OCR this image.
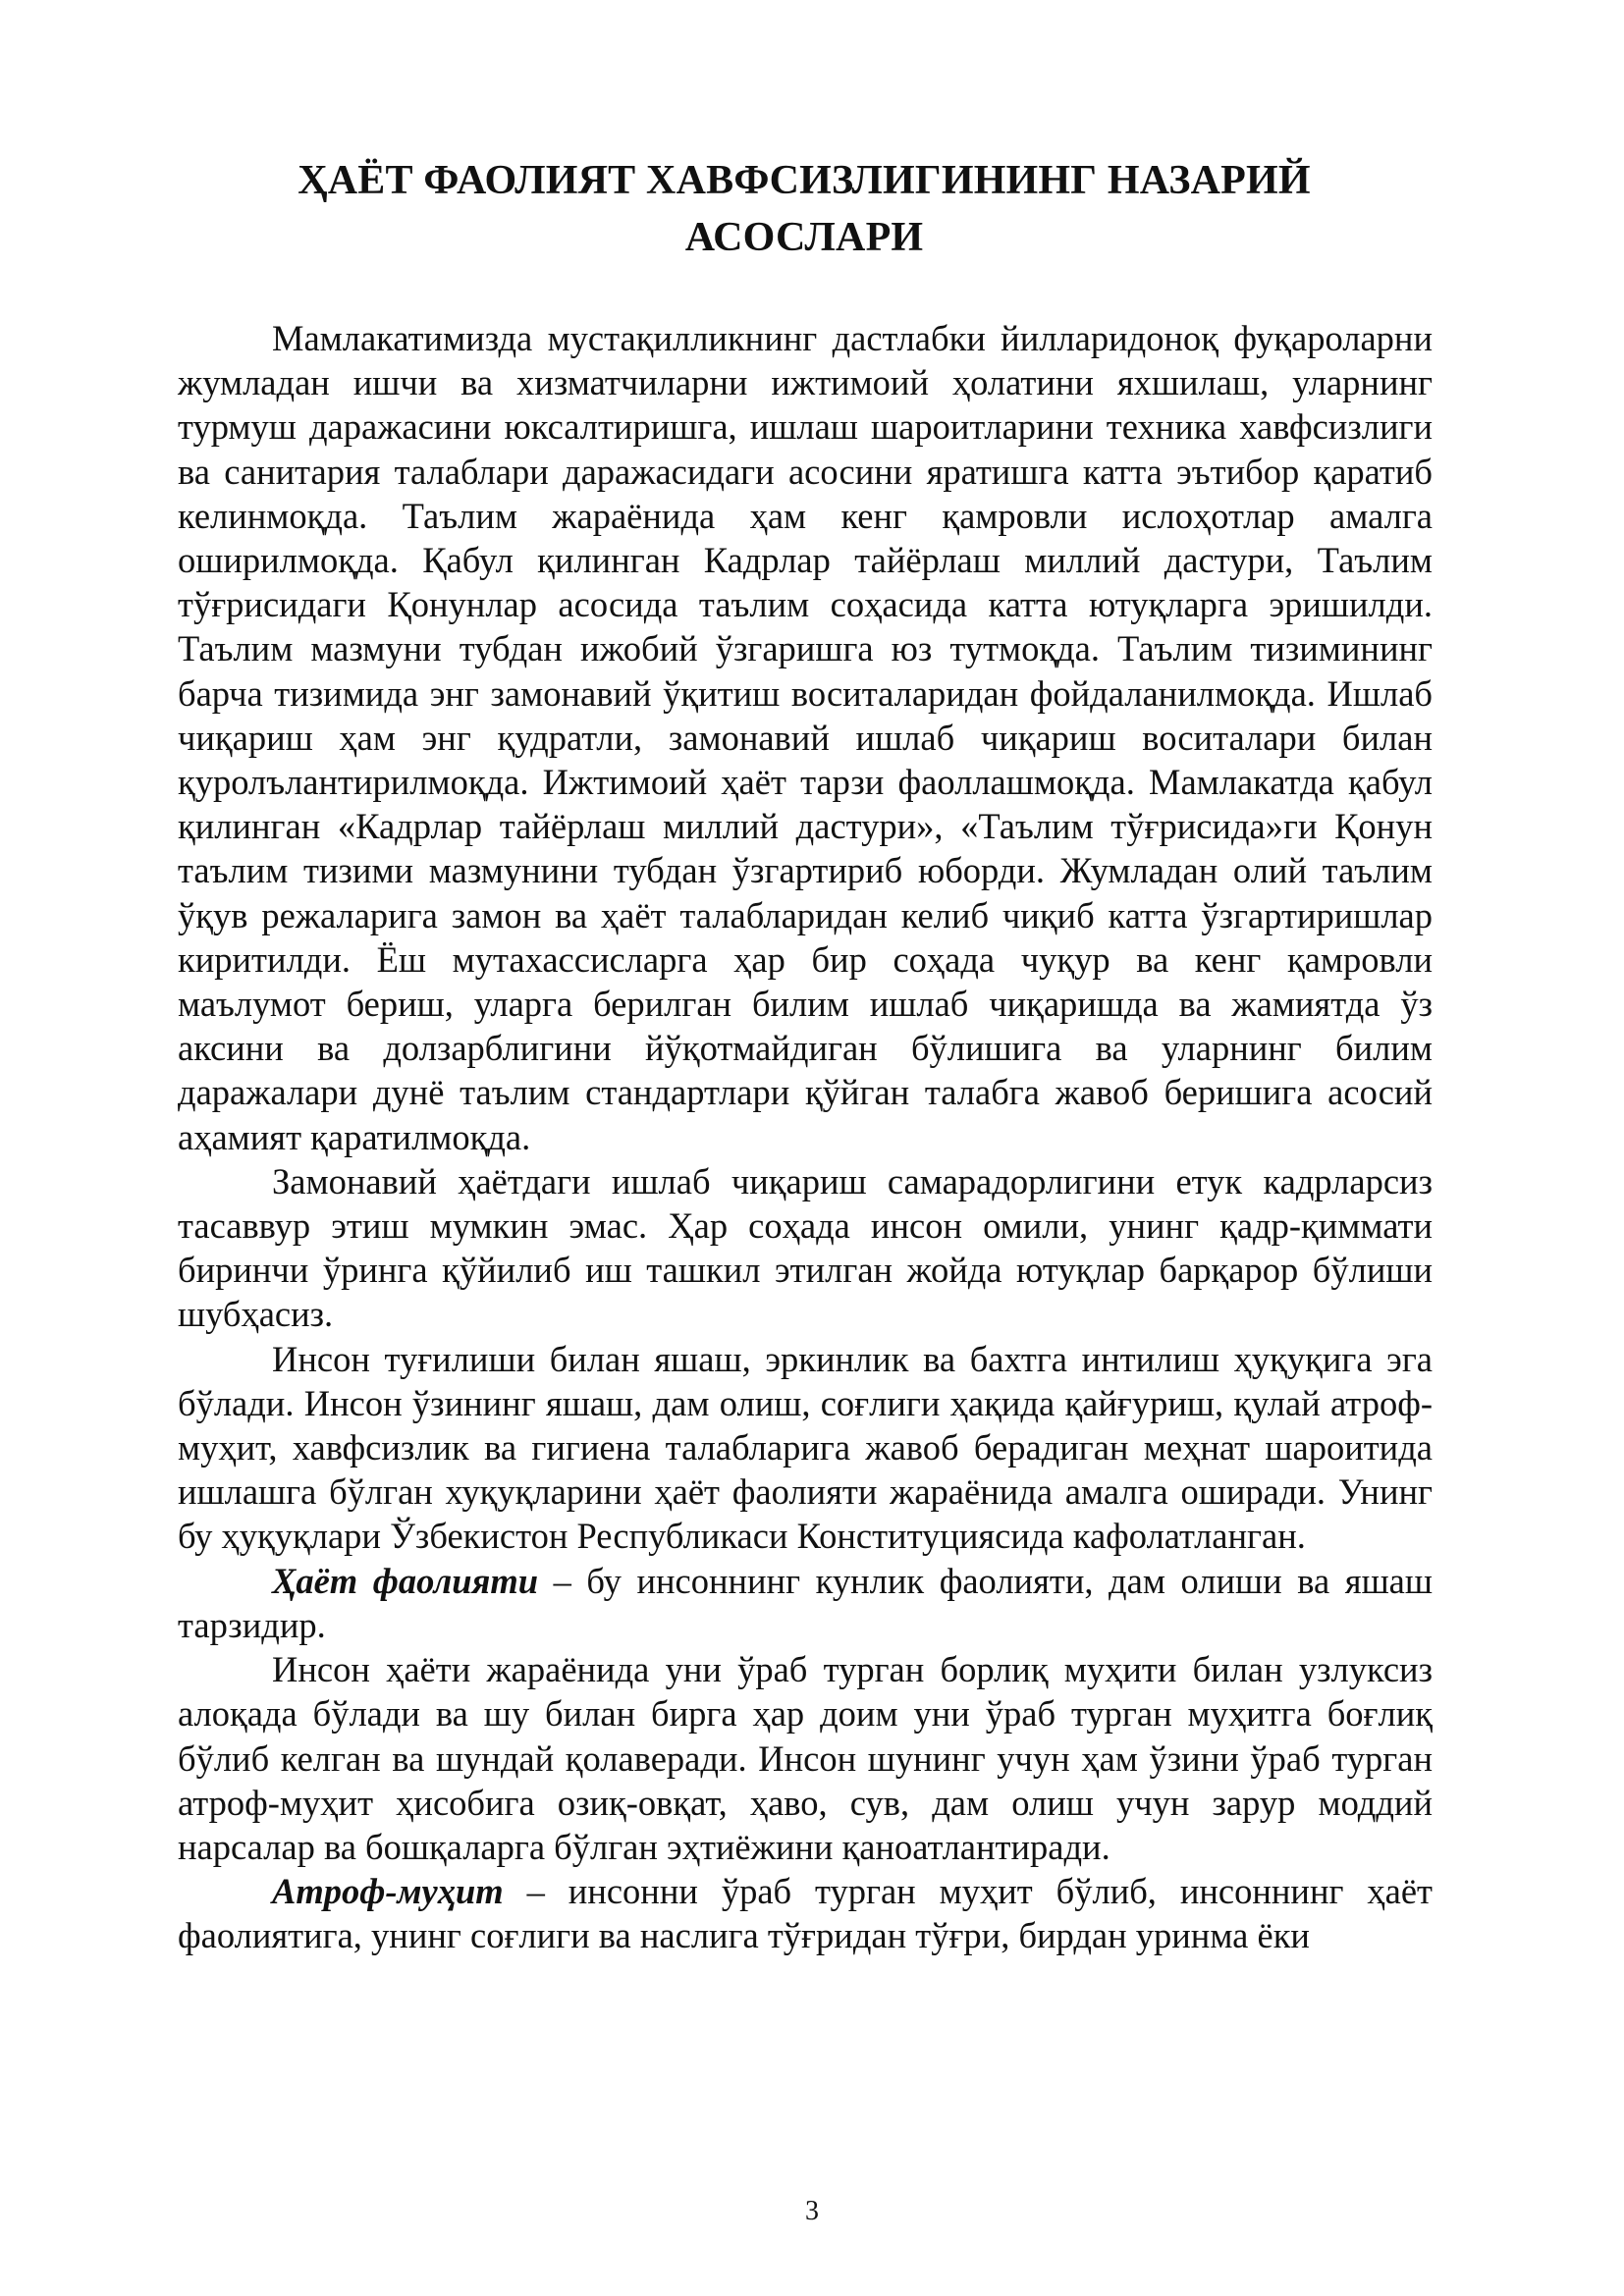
ҲАЁТ ФАОЛИЯТ ХАВФСИЗЛИГИНИНГ НАЗАРИЙ
АСОСЛАРИ

Мамлакатимизда мустақилликнинг дастлабки йилларидоноқ фуқароларни жумладан ишчи ва хизматчиларни ижтимоий ҳолатини яхшилаш, уларнинг турмуш даражасини юксалтиришга, ишлаш шароитларини техника хавфсизлиги ва санитария талаблари даражасидаги асосини яратишга катта эътибор қаратиб келинмоқда. Таълим жараёнида ҳам кенг қамровли ислоҳотлар амалга оширилмоқда. Қабул қилинган Кадрлар тайёрлаш миллий дастури, Таълим тўғрисидаги Қонунлар асосида таълим соҳасида катта ютуқларга эришилди. Таълим мазмуни тубдан ижобий ўзгаришга юз тутмоқда. Таълим тизимининг барча тизимида энг замонавий ўқитиш воситаларидан фойдаланилмоқда. Ишлаб чиқариш ҳам энг қудратли, замонавий ишлаб чиқариш воситалари билан қуролълантирилмоқда. Ижтимоий ҳаёт тарзи фаоллашмоқда. Мамлакатда қабул қилинган «Кадрлар тайёрлаш миллий дастури», «Таълим тўғрисида»ги Қонун таълим тизими мазмунини тубдан ўзгартириб юборди. Жумладан олий таълим ўқув режаларига замон ва ҳаёт талабларидан келиб чиқиб катта ўзгартиришлар киритилди. Ёш мутахассисларга ҳар бир соҳада чуқур ва кенг қамровли маълумот бериш, уларга берилган билим ишлаб чиқаришда ва жамиятда ўз аксини ва долзарблигини йўқотмайдиган бўлишига ва уларнинг билим даражалари дунё таълим стандартлари қўйган талабга жавоб беришига асосий аҳамият қаратилмоқда.

Замонавий ҳаётдаги ишлаб чиқариш самарадорлигини етук кадрларсиз тасаввур этиш мумкин эмас. Ҳар соҳада инсон омили, унинг қадр-қиммати биринчи ўринга қўйилиб иш ташкил этилган жойда ютуқлар барқарор бўлиши шубҳасиз.

Инсон туғилиши билан яшаш, эркинлик ва бахтга интилиш ҳуқуқига эга бўлади. Инсон ўзининг яшаш, дам олиш, соғлиги ҳақида қайғуриш, қулай атроф-муҳит, хавфсизлик ва гигиена талабларига жавоб берадиган меҳнат шароитида ишлашга бўлган хуқуқларини ҳаёт фаолияти жараёнида амалга оширади. Унинг бу ҳуқуқлари Ўзбекистон Республикаси Конституциясида кафолатланган.

Ҳаёт фаолияти – бу инсоннинг кунлик фаолияти, дам олиши ва яшаш тарзидир.

Инсон ҳаёти жараёнида уни ўраб турган борлиқ муҳити билан узлуксиз алоқада бўлади ва шу билан бирга ҳар доим уни ўраб турган муҳитга боғлиқ бўлиб келган ва шундай қолаверади. Инсон шунинг учун ҳам ўзини ўраб турган атроф-муҳит ҳисобига озиқ-овқат, ҳаво, сув, дам олиш учун зарур моддий нарсалар ва бошқаларга бўлган эҳтиёжини қаноатлантиради.

Атроф-муҳит – инсонни ўраб турган муҳит бўлиб, инсоннинг ҳаёт фаолиятига, унинг соғлиги ва наслига тўғридан тўғри, бирдан уринма ёки

3
